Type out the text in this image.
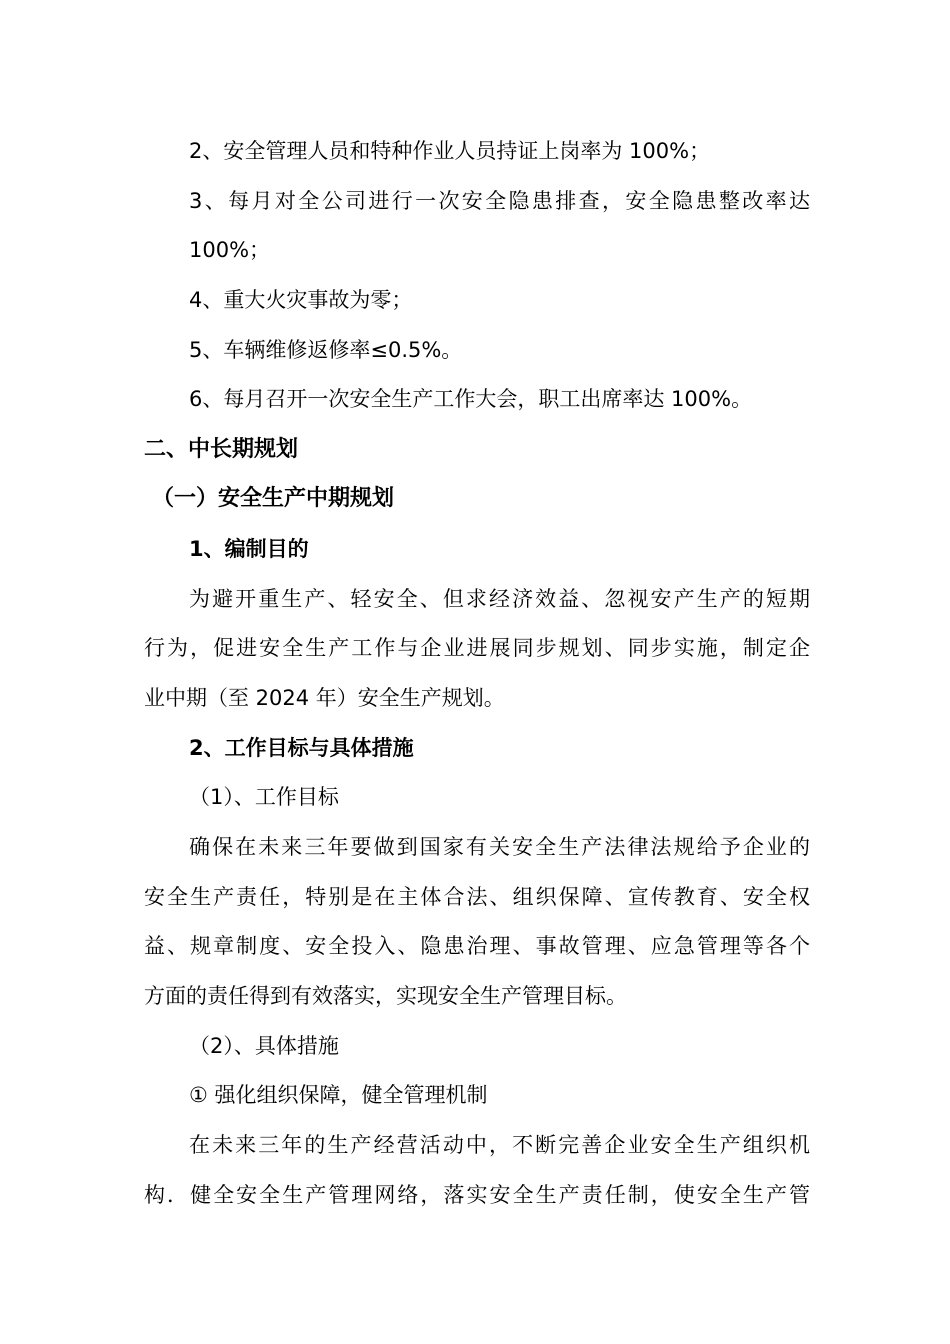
2、安全管理人员和特种作业人员持证上岗率为 100%；
3、每月对全公司进行一次安全隐患排查，安全隐患整改率达
100%；
4、重大火灾事故为零；
5、车辆维修返修率≤0.5%。
6、每月召开一次安全生产工作大会，职工出席率达 100%。
二、中长期规划
（一）安全生产中期规划
1、编制目的
为避开重生产、轻安全、但求经济效益、忽视安产生产的短期
行为，促进安全生产工作与企业进展同步规划、同步实施，制定企
业中期（至 2024 年）安全生产规划。
2、工作目标与具体措施
（1）、工作目标
确保在未来三年要做到国家有关安全生产法律法规给予企业的
安全生产责任，特别是在主体合法、组织保障、宣传教育、安全权
益、规章制度、安全投入、隐患治理、事故管理、应急管理等各个
方面的责任得到有效落实，实现安全生产管理目标。
（2）、具体措施
① 强化组织保障，健全管理机制
在未来三年的生产经营活动中，不断完善企业安全生产组织机
构．健全安全生产管理网络，落实安全生产责任制，使安全生产管
